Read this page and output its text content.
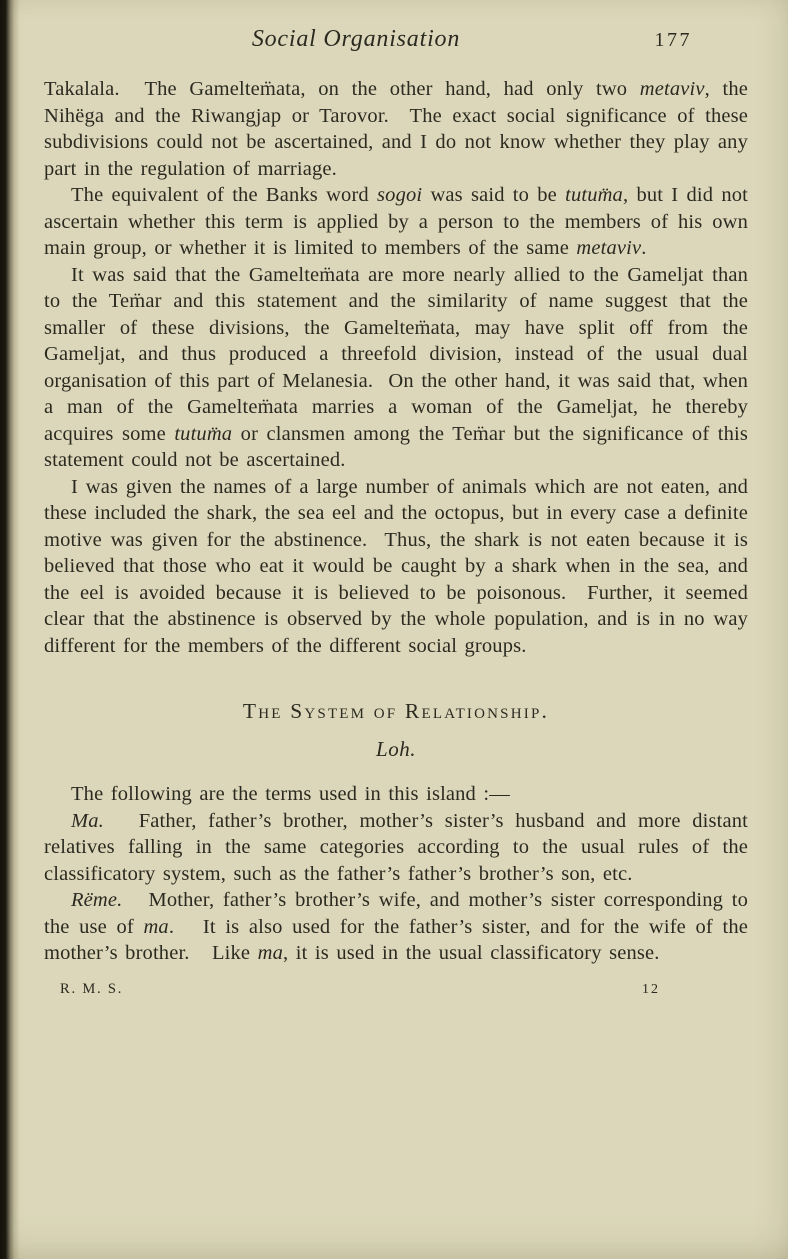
Social Organisation	177

Takalala.  The Gameltem̈ata, on the other hand, had only two metaviv, the Nihëga and the Riwangjap or Tarovor.  The exact social significance of these subdivisions could not be ascertained, and I do not know whether they play any part in the regulation of marriage.

The equivalent of the Banks word sogoi was said to be tutum̈a, but I did not ascertain whether this term is applied by a person to the members of his own main group, or whether it is limited to members of the same metaviv.

It was said that the Gameltem̈ata are more nearly allied to the Gameljat than to the Tem̈ar and this statement and the similarity of name suggest that the smaller of these divisions, the Gameltem̈ata, may have split off from the Gameljat, and thus produced a threefold division, instead of the usual dual organisation of this part of Melanesia.  On the other hand, it was said that, when a man of the Gameltem̈ata marries a woman of the Gameljat, he thereby acquires some tutum̈a or clansmen among the Tem̈ar but the significance of this statement could not be ascertained.

I was given the names of a large number of animals which are not eaten, and these included the shark, the sea eel and the octopus, but in every case a definite motive was given for the abstinence.  Thus, the shark is not eaten because it is believed that those who eat it would be caught by a shark when in the sea, and the eel is avoided because it is believed to be poisonous.  Further, it seemed clear that the abstinence is observed by the whole population, and is in no way different for the members of the different social groups.

The System of Relationship.
Loh.

The following are the terms used in this island :—

Ma.   Father, father’s brother, mother’s sister’s husband and more distant relatives falling in the same categories according to the usual rules of the classificatory system, such as the father’s father’s brother’s son, etc.

Rëme.   Mother, father’s brother’s wife, and mother’s sister corresponding to the use of ma.   It is also used for the father’s sister, and for the wife of the mother’s brother.   Like ma, it is used in the usual classificatory sense.

R. M. S.	12
